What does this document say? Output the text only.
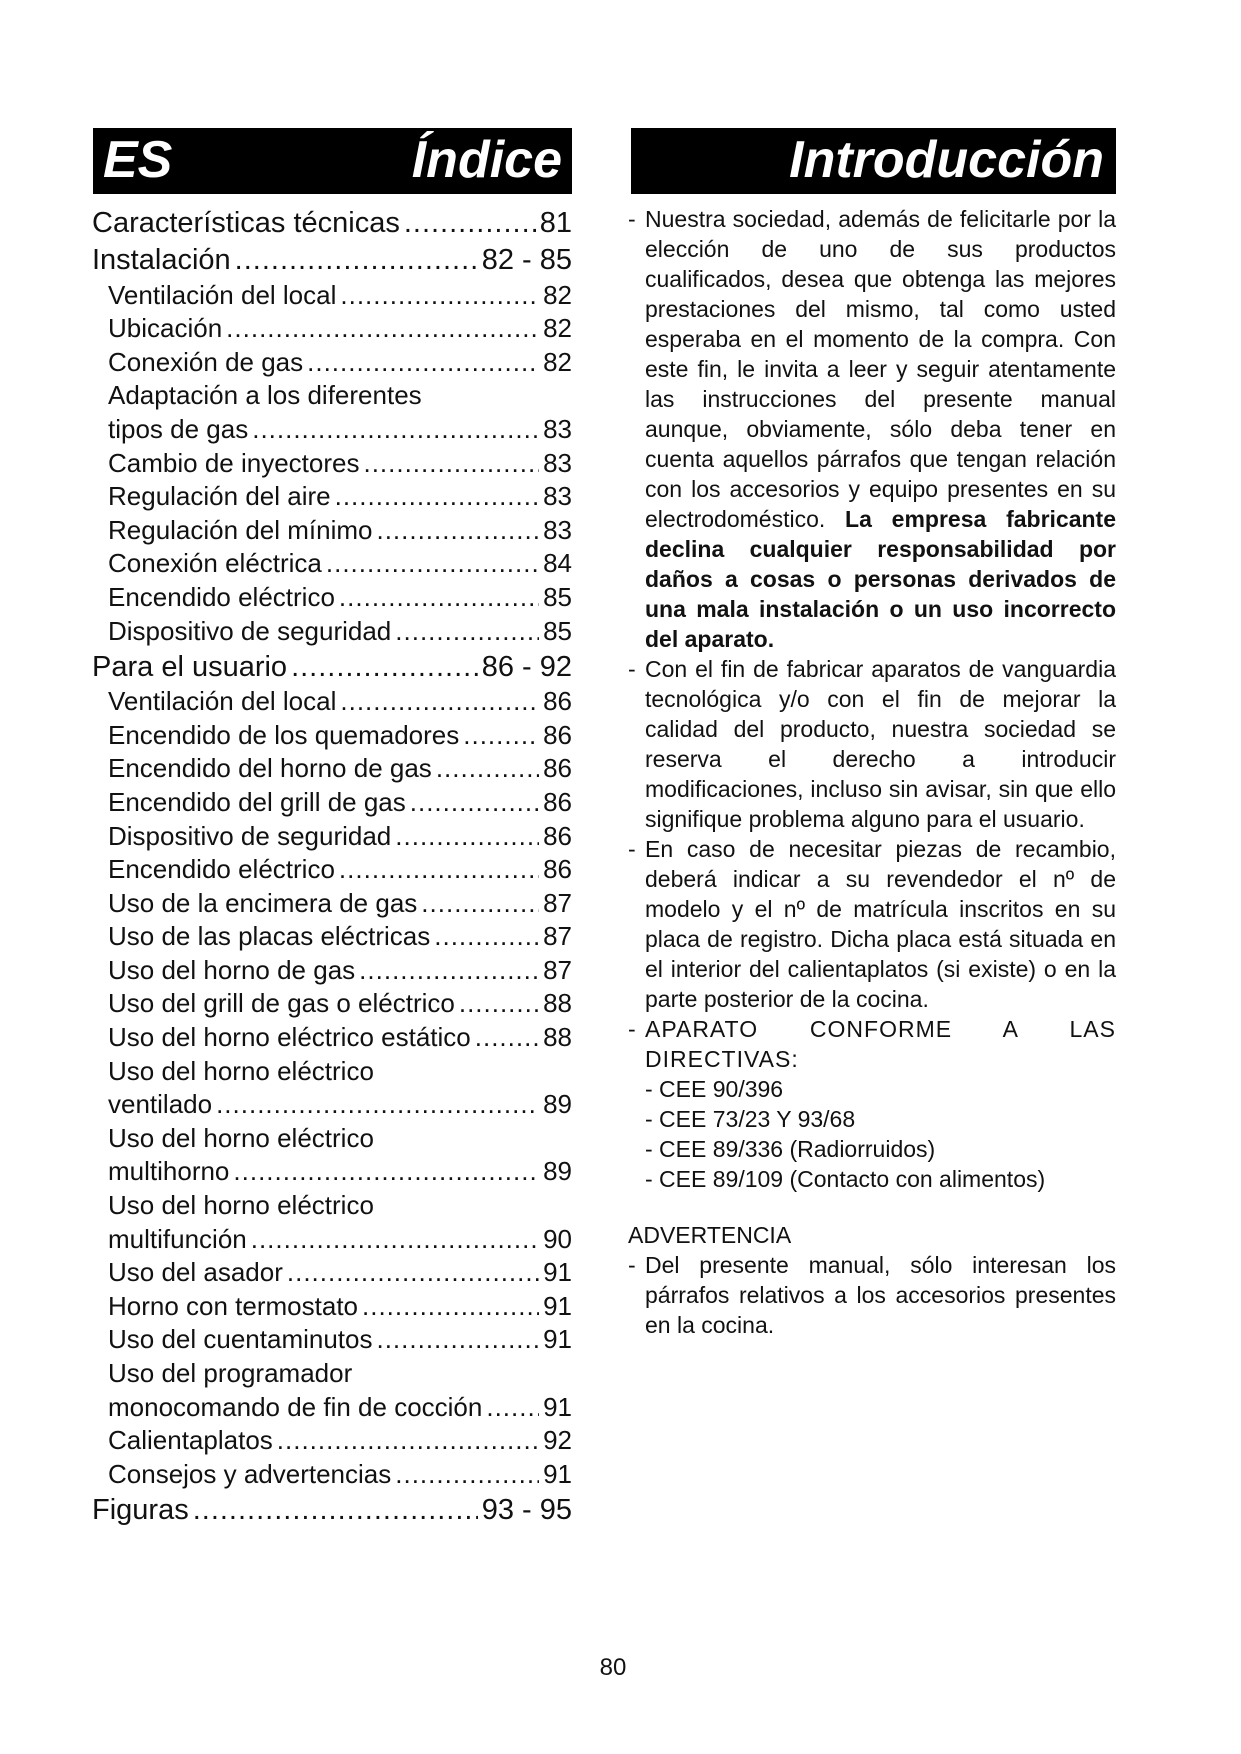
ES	Índice	Introducción
Características técnicas .....	81
Instalación .....	82 - 85
Ventilación del local .....	82
Ubicación .....	82
Conexión de gas .....	82
Adaptación a los diferentes
tipos de gas .....	83
Cambio de inyectores .....	83
Regulación del aire .....	83
Regulación del mínimo .....	83
Conexión eléctrica .....	84
Encendido eléctrico .....	85
Dispositivo de seguridad .....	85
Para el usuario .....	86 - 92
Ventilación del local .....	86
Encendido de los quemadores .....	86
Encendido del horno de gas .....	86
Encendido del grill de gas .....	86
Dispositivo de seguridad .....	86
Encendido eléctrico .....	86
Uso de la encimera de gas .....	87
Uso de las placas eléctricas .....	87
Uso del horno de gas .....	87
Uso del grill de gas o eléctrico .....	88
Uso del horno eléctrico estático .....	88
Uso del horno eléctrico
ventilado .....	89
Uso del horno eléctrico
multihorno .....	89
Uso del horno eléctrico
multifunción .....	90
Uso del asador .....	91
Horno con termostato .....	91
Uso del cuentaminutos .....	91
Uso del programador
monocomando de fin de cocción ..... 91
Calientaplatos .....	92
Consejos y advertencias .....	91
Figuras .....	93 - 95

- Nuestra sociedad, además de felicitarle por la elección de uno de sus productos cualificados, desea que obtenga las mejores prestaciones del mismo, tal como usted esperaba en el momento de la compra. Con este fin, le invita a leer y seguir atentamente las instrucciones del presente manual aunque, obviamente, sólo deba tener en cuenta aquellos párrafos que tengan relación con los accesorios y equipo presentes en su electrodoméstico. La empresa fabricante declina cualquier responsabilidad por daños a cosas o personas derivados de una mala instalación o un uso incorrecto del aparato.

- Con el fin de fabricar aparatos de vanguardia tecnológica y/o con el fin de mejorar la calidad del producto, nuestra sociedad se reserva el derecho a introducir modificaciones, incluso sin avisar, sin que ello signifique problema alguno para el usuario.

- En caso de necesitar piezas de recambio, deberá indicar a su revendedor el nº de modelo y el nº de matrícula inscritos en su placa de registro. Dicha placa está situada en el interior del calientaplatos (si existe) o en la parte posterior de la cocina.

- APARATO CONFORME A LAS DIRECTIVAS:

- CEE 90/396
- CEE 73/23 Y 93/68
- CEE 89/336 (Radiorruidos)
- CEE 89/109 (Contacto con alimentos)
ADVERTENCIA

- Del presente manual, sólo interesan los párrafos relativos a los accesorios presentes en la cocina.

80
